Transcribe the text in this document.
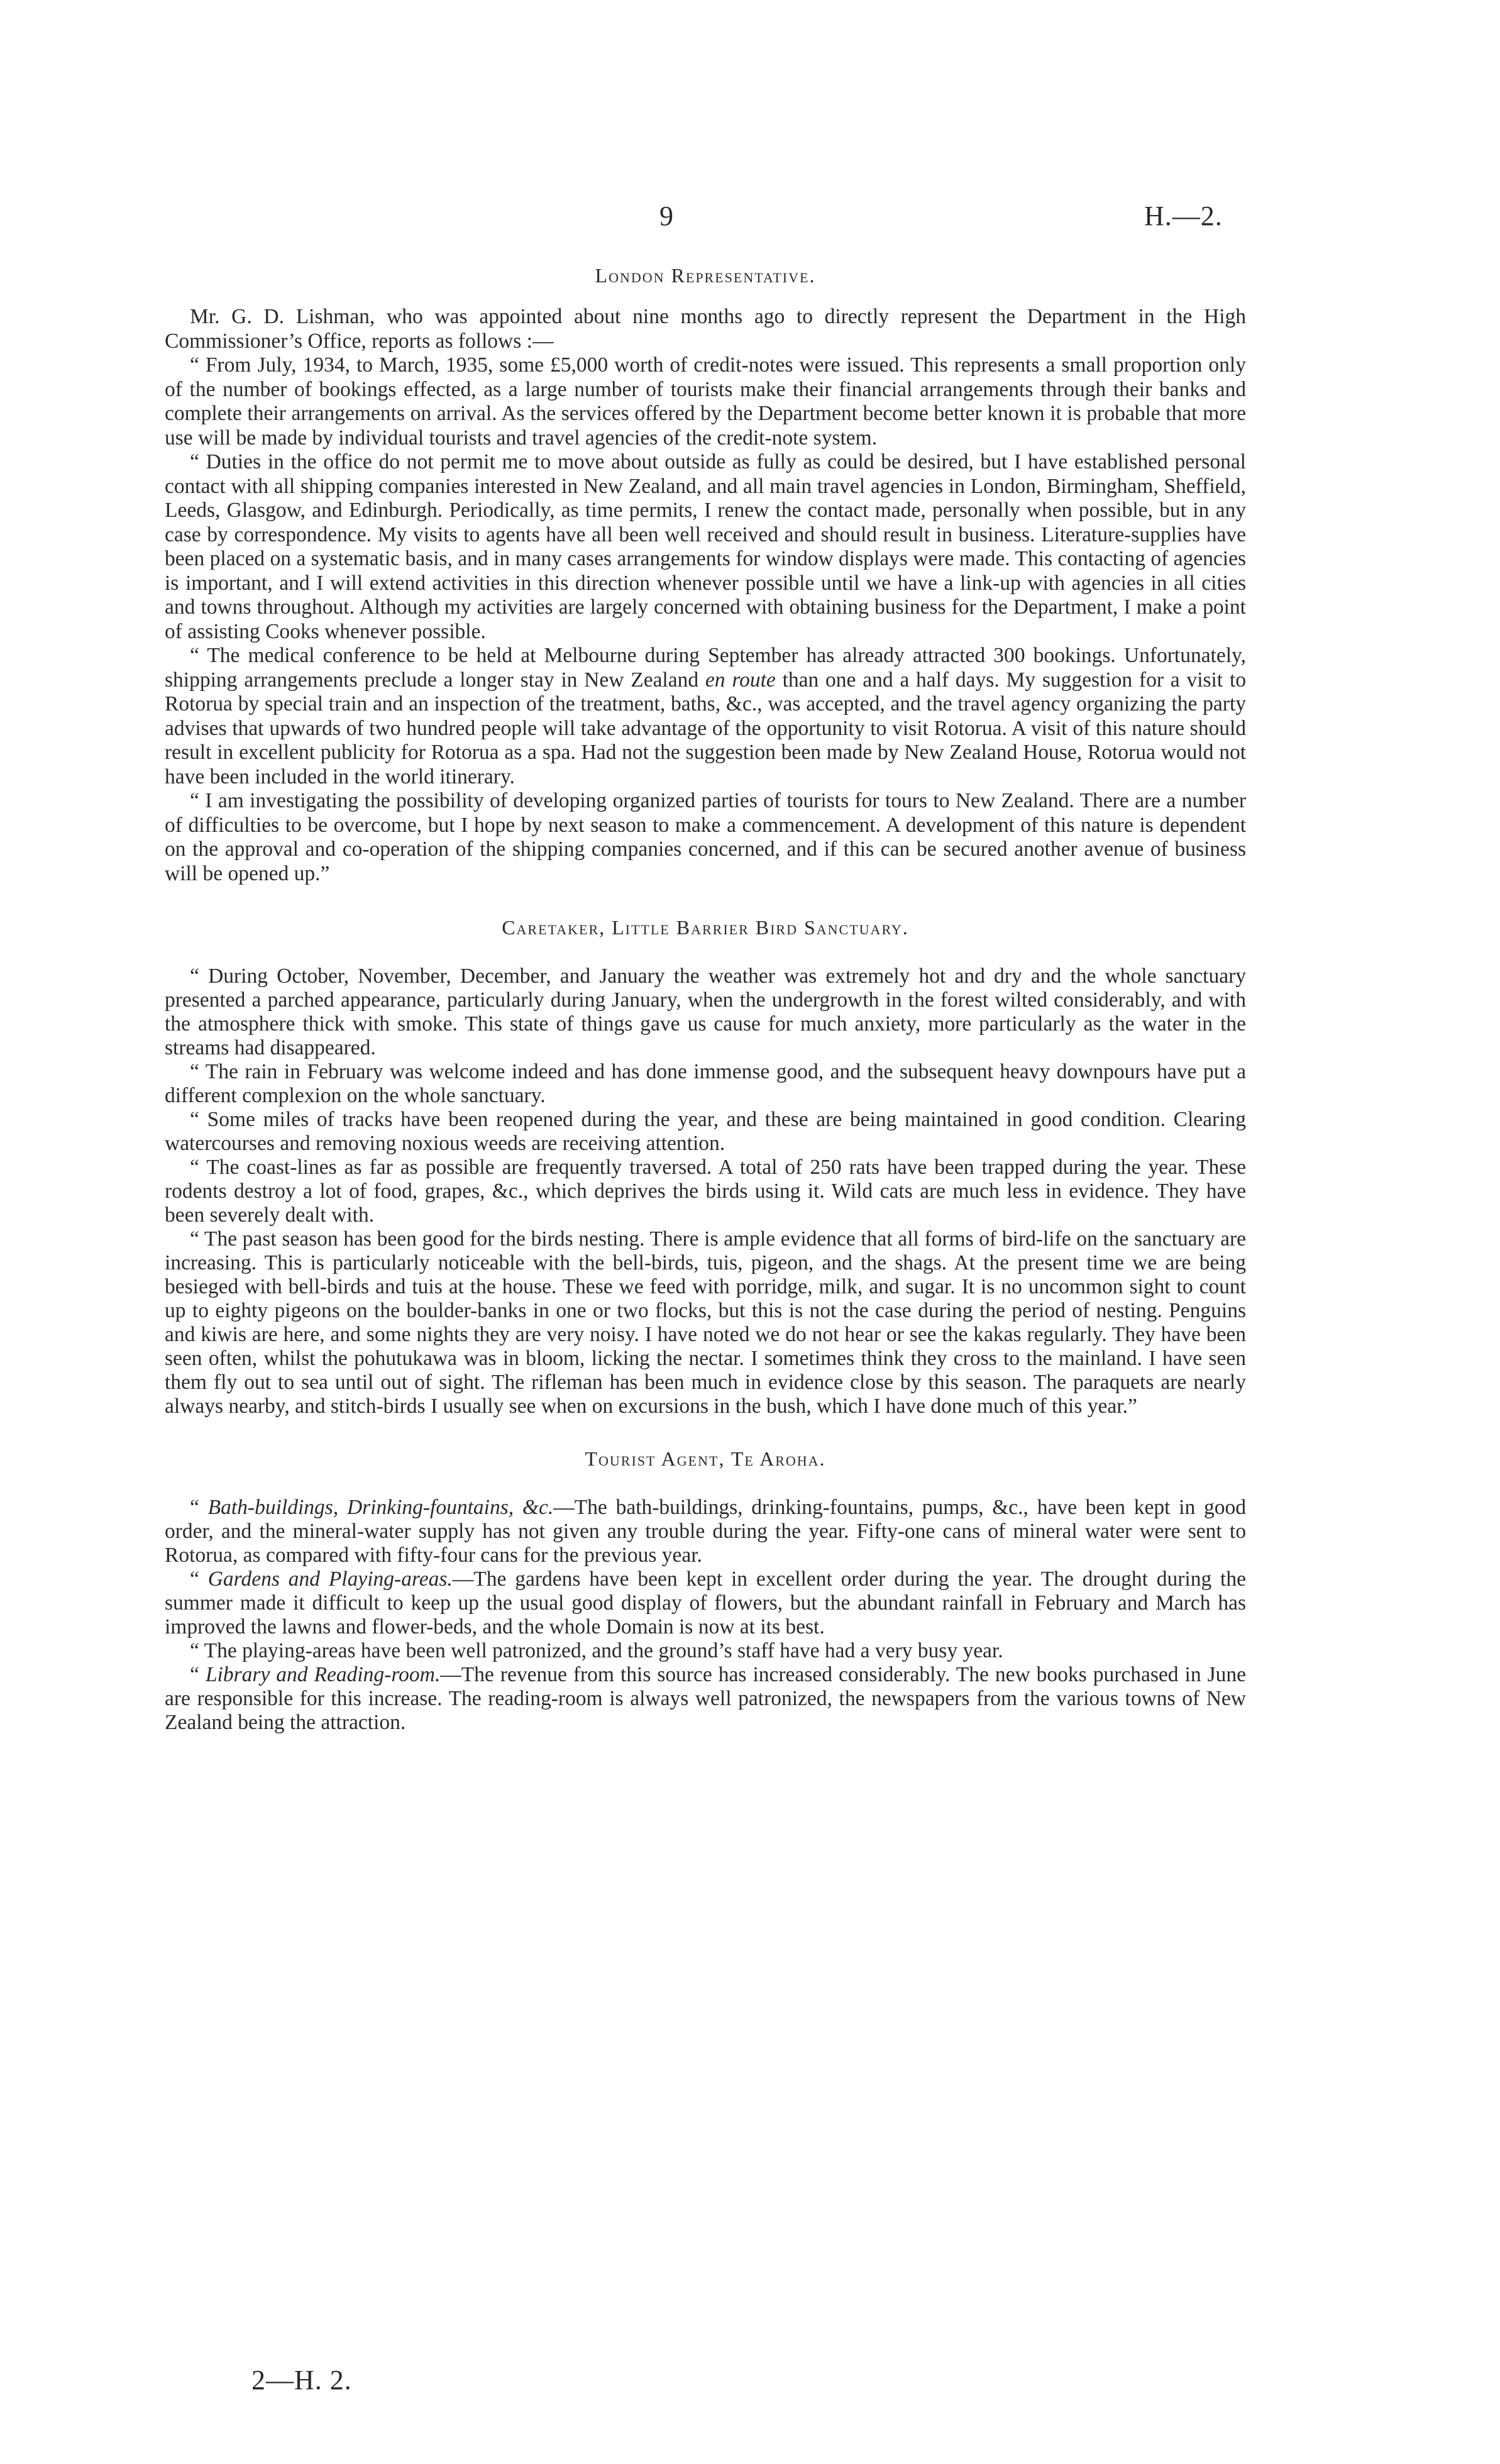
9	H.—2.
London Representative.

Mr. G. D. Lishman, who was appointed about nine months ago to directly represent the Department in the High Commissioner’s Office, reports as follows :—

“ From July, 1934, to March, 1935, some £5,000 worth of credit-notes were issued. This represents a small proportion only of the number of bookings effected, as a large number of tourists make their financial arrangements through their banks and complete their arrangements on arrival. As the services offered by the Department become better known it is probable that more use will be made by individual tourists and travel agencies of the credit-note system.

“ Duties in the office do not permit me to move about outside as fully as could be desired, but I have established personal contact with all shipping companies interested in New Zealand, and all main travel agencies in London, Birmingham, Sheffield, Leeds, Glasgow, and Edinburgh. Periodically, as time permits, I renew the contact made, personally when possible, but in any case by correspondence. My visits to agents have all been well received and should result in business. Literature-supplies have been placed on a systematic basis, and in many cases arrangements for window displays were made. This contacting of agencies is important, and I will extend activities in this direction whenever possible until we have a link-up with agencies in all cities and towns throughout. Although my activities are largely concerned with obtaining business for the Department, I make a point of assisting Cooks whenever possible.

“ The medical conference to be held at Melbourne during September has already attracted 300 bookings. Unfortunately, shipping arrangements preclude a longer stay in New Zealand en route than one and a half days. My suggestion for a visit to Rotorua by special train and an inspection of the treatment, baths, &c., was accepted, and the travel agency organizing the party advises that upwards of two hundred people will take advantage of the opportunity to visit Rotorua. A visit of this nature should result in excellent publicity for Rotorua as a spa. Had not the suggestion been made by New Zealand House, Rotorua would not have been included in the world itinerary.

“ I am investigating the possibility of developing organized parties of tourists for tours to New Zealand. There are a number of difficulties to be overcome, but I hope by next season to make a commencement. A development of this nature is dependent on the approval and co-operation of the shipping companies concerned, and if this can be secured another avenue of business will be opened up.”

Caretaker, Little Barrier Bird Sanctuary.

“ During October, November, December, and January the weather was extremely hot and dry and the whole sanctuary presented a parched appearance, particularly during January, when the undergrowth in the forest wilted considerably, and with the atmosphere thick with smoke. This state of things gave us cause for much anxiety, more particularly as the water in the streams had disappeared.

“ The rain in February was welcome indeed and has done immense good, and the subsequent heavy downpours have put a different complexion on the whole sanctuary.

“ Some miles of tracks have been reopened during the year, and these are being maintained in good condition. Clearing watercourses and removing noxious weeds are receiving attention.

“ The coast-lines as far as possible are frequently traversed. A total of 250 rats have been trapped during the year. These rodents destroy a lot of food, grapes, &c., which deprives the birds using it. Wild cats are much less in evidence. They have been severely dealt with.

“ The past season has been good for the birds nesting. There is ample evidence that all forms of bird-life on the sanctuary are increasing. This is particularly noticeable with the bell-birds, tuis, pigeon, and the shags. At the present time we are being besieged with bell-birds and tuis at the house. These we feed with porridge, milk, and sugar. It is no uncommon sight to count up to eighty pigeons on the boulder-banks in one or two flocks, but this is not the case during the period of nesting. Penguins and kiwis are here, and some nights they are very noisy. I have noted we do not hear or see the kakas regularly. They have been seen often, whilst the pohutukawa was in bloom, licking the nectar. I sometimes think they cross to the mainland. I have seen them fly out to sea until out of sight. The rifleman has been much in evidence close by this season. The paraquets are nearly always nearby, and stitch-birds I usually see when on excursions in the bush, which I have done much of this year.”

Tourist Agent, Te Aroha.

“ Bath-buildings, Drinking-fountains, &c.—The bath-buildings, drinking-fountains, pumps, &c., have been kept in good order, and the mineral-water supply has not given any trouble during the year. Fifty-one cans of mineral water were sent to Rotorua, as compared with fifty-four cans for the previous year.

“ Gardens and Playing-areas.—The gardens have been kept in excellent order during the year. The drought during the summer made it difficult to keep up the usual good display of flowers, but the abundant rainfall in February and March has improved the lawns and flower-beds, and the whole Domain is now at its best.

“ The playing-areas have been well patronized, and the ground’s staff have had a very busy year.

“ Library and Reading-room.—The revenue from this source has increased considerably. The new books purchased in June are responsible for this increase. The reading-room is always well patronized, the newspapers from the various towns of New Zealand being the attraction.

2—H. 2.
